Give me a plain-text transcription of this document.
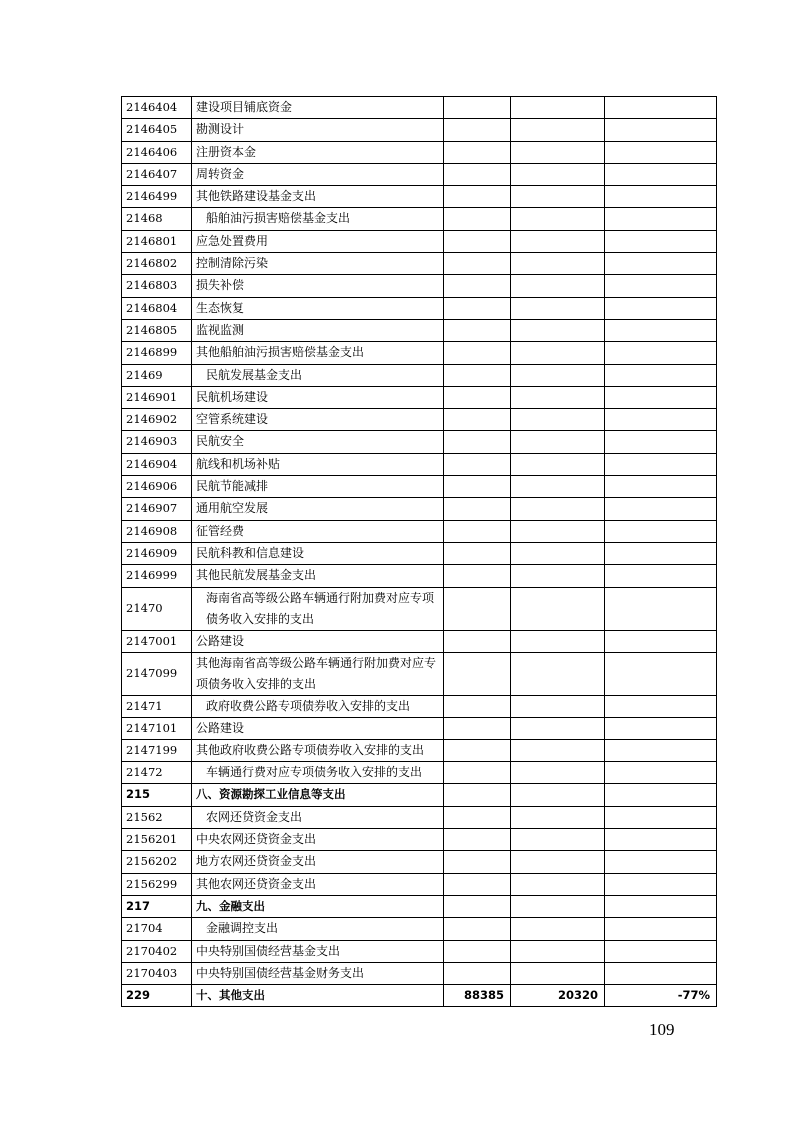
2146404	建设项目铺底资金			
2146405	勘测设计			
2146406	注册资本金			
2146407	周转资金			
2146499	其他铁路建设基金支出			
21468	船舶油污损害赔偿基金支出			
2146801	应急处置费用			
2146802	控制清除污染			
2146803	损失补偿			
2146804	生态恢复			
2146805	监视监测			
2146899	其他船舶油污损害赔偿基金支出			
21469	民航发展基金支出			
2146901	民航机场建设			
2146902	空管系统建设			
2146903	民航安全			
2146904	航线和机场补贴			
2146906	民航节能减排			
2146907	通用航空发展			
2146908	征管经费			
2146909	民航科教和信息建设			
2146999	其他民航发展基金支出			
21470	海南省高等级公路车辆通行附加费对应专项债务收入安排的支出			
2147001	公路建设			
2147099	其他海南省高等级公路车辆通行附加费对应专项债务收入安排的支出			
21471	政府收费公路专项债券收入安排的支出			
2147101	公路建设			
2147199	其他政府收费公路专项债券收入安排的支出			
21472	车辆通行费对应专项债务收入安排的支出			
215	八、资源勘探工业信息等支出			
21562	农网还贷资金支出			
2156201	中央农网还贷资金支出			
2156202	地方农网还贷资金支出			
2156299	其他农网还贷资金支出			
217	九、金融支出			
21704	金融调控支出			
2170402	中央特别国债经营基金支出			
2170403	中央特别国债经营基金财务支出			
229	十、其他支出	88385	20320	-77%
109
